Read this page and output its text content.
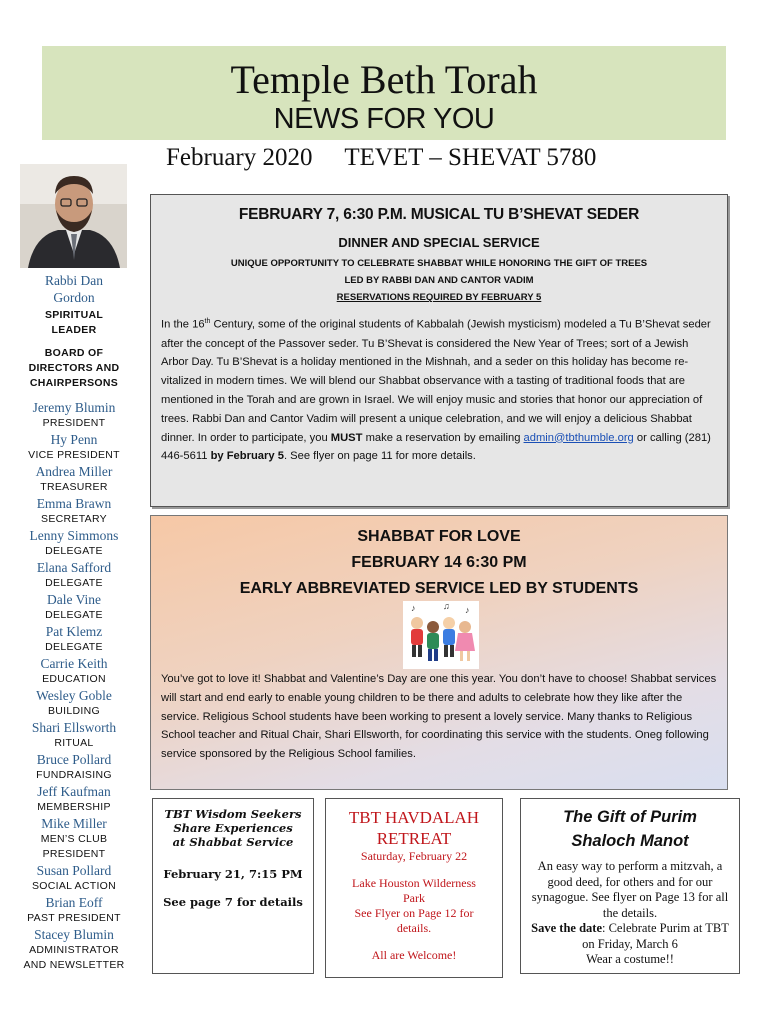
Temple Beth Torah
NEWS FOR YOU
February 2020 TEVET – SHEVAT 5780
Rabbi Dan
Gordon
SPIRITUAL
LEADER
BOARD OF
DIRECTORS AND
CHAIRPERSONS
Jeremy Blumin
PRESIDENT
Hy Penn
VICE PRESIDENT
Andrea Miller
TREASURER
Emma Brawn
SECRETARY
Lenny Simmons
DELEGATE
Elana Safford
DELEGATE
Dale Vine
DELEGATE
Pat Klemz
DELEGATE
Carrie Keith
EDUCATION
Wesley Goble
BUILDING
Shari Ellsworth
RITUAL
Bruce Pollard
FUNDRAISING
Jeff Kaufman
MEMBERSHIP
Mike Miller
MEN’S CLUB
PRESIDENT
Susan Pollard
SOCIAL ACTION
Brian Eoff
PAST PRESIDENT
Stacey Blumin
ADMINISTRATOR
AND NEWSLETTER
FEBRUARY 7, 6:30 P.M. MUSICAL TU B’SHEVAT SEDER
DINNER AND SPECIAL SERVICE
UNIQUE OPPORTUNITY TO CELEBRATE SHABBAT WHILE HONORING THE GIFT OF TREES
LED BY RABBI DAN AND CANTOR VADIM
RESERVATIONS REQUIRED BY FEBRUARY 5
In the 16th Century, some of the original students of Kabbalah (Jewish mysticism) modeled a Tu B’Shevat seder after the concept of the Passover seder. Tu B’Shevat is considered the New Year of Trees; sort of a Jewish Arbor Day. Tu B’Shevat is a holiday mentioned in the Mishnah, and a seder on this holiday has become re-vitalized in modern times. We will blend our Shabbat observance with a tasting of traditional foods that are mentioned in the Torah and are grown in Israel. We will enjoy music and stories that honor our appreciation of trees. Rabbi Dan and Cantor Vadim will present a unique celebration, and we will enjoy a delicious Shabbat dinner. In order to participate, you MUST make a reservation by emailing admin@tbthumble.org or calling (281) 446-5611 by February 5. See flyer on page 11 for more details.
SHABBAT FOR LOVE
FEBRUARY 14 6:30 PM
EARLY ABBREVIATED SERVICE LED BY STUDENTS
♪	♫ ♪
You’ve got to love it! Shabbat and Valentine’s Day are one this year. You don’t have to choose! Shabbat services will start and end early to enable young children to be there and adults to celebrate how they like after the service. Religious School students have been working to present a lovely service. Many thanks to Religious School teacher and Ritual Chair, Shari Ellsworth, for coordinating this service with the students. Oneg following service sponsored by the Religious School families.
TBT Wisdom Seekers
Share Experiences
at Shabbat Service
February 21, 7:15 PM
See page 7 for details
TBT HAVDALAH
RETREAT
Saturday, February 22
Lake Houston Wilderness
Park
See Flyer on Page 12 for
details.
All are Welcome!
The Gift of Purim
Shaloch Manot
An easy way to perform a mitzvah, a good deed, for others and for our synagogue. See flyer on Page 13 for all the details.
Save the date: Celebrate Purim at TBT on Friday, March 6
Wear a costume!!
